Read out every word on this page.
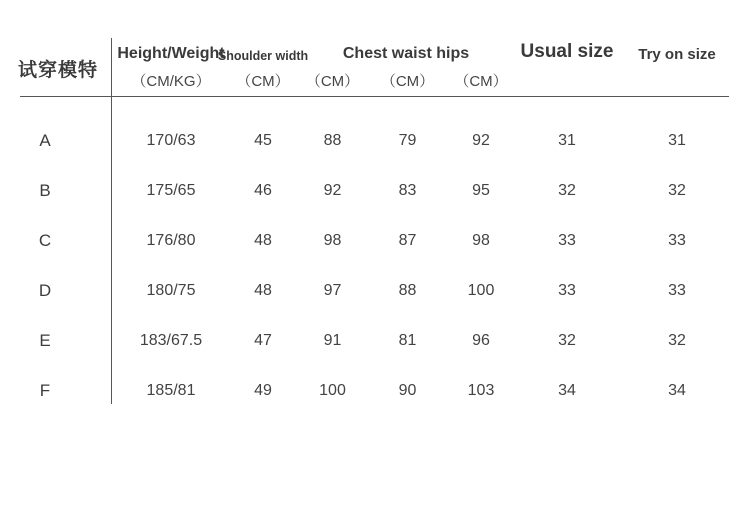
试穿模特
Height/Weight
Shoulder width	Chest waist hips	Usual size	Try on size
（CM/KG）	（CM）	（CM）	（CM）	（CM）
A	170/63	45	88	79	92	31	31
B	175/65	46	92	83	95	32	32
C	176/80	48	98	87	98	33	33
D	180/75	48	97	88	100	33	33
E	183/67.5	47	91	81	96	32	32
F	185/81	49	100	90	103	34	34
